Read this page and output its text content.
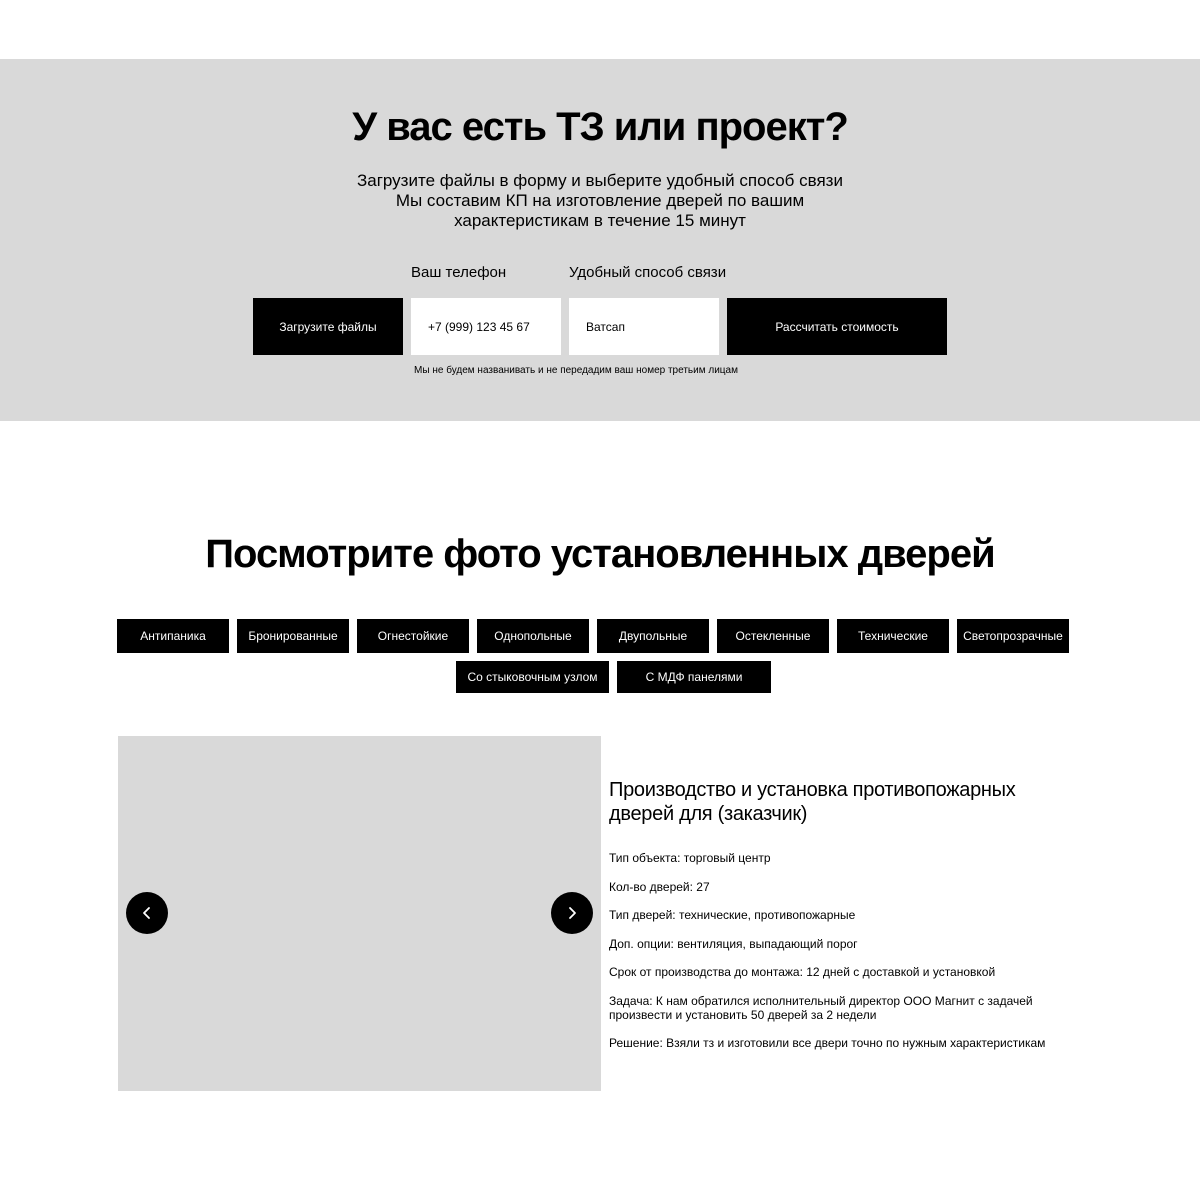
У вас есть ТЗ или проект?
Загрузите файлы в форму и выберите удобный способ связи
Мы составим КП на изготовление дверей по вашим
характеристикам в течение 15 минут
Ваш телефон	Удобный способ связи
Загрузите файлы
+7 (999) 123 45 67	Ватсап	Рассчитать стоимость
Мы не будем названивать и не передадим ваш номер третьим лицам
Посмотрите фото установленных дверей
Антипаника	Бронированные	Огнестойкие	Однопольные	Двупольные	Остекленные	Технические	Светопрозрачные
Со стыковочным узлом	С МДФ панелями
Производство и установка противопожарных дверей для (заказчик)

Тип объекта: торговый центр

Кол-во дверей: 27

Тип дверей: технические, противопожарные

Доп. опции: вентиляция, выпадающий порог

Срок от производства до монтажа: 12 дней с доставкой и установкой

Задача: К нам обратился исполнительный директор ООО Магнит с задачей произвести и установить 50 дверей за 2 недели

Решение: Взяли тз и изготовили все двери точно по нужным характеристикам
